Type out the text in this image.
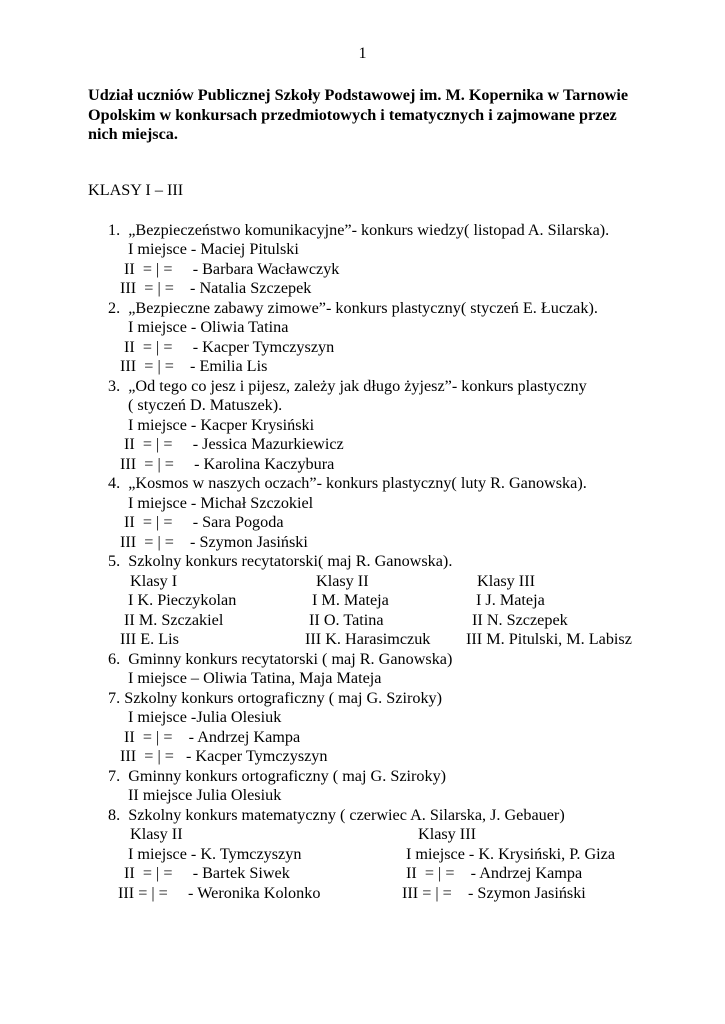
1
Udział uczniów Publicznej Szkoły Podstawowej im. M. Kopernika w Tarnowie
Opolskim w konkursach przedmiotowych i tematycznych i zajmowane przez
nich miejsca.
KLASY I – III
1.  „Bezpieczeństwo komunikacyjne”- konkurs wiedzy( listopad A. Silarska).
I miejsce - Maciej Pitulski
II  = | =     - Barbara Wacławczyk
III  = | =    - Natalia Szczepek
2.  „Bezpieczne zabawy zimowe”- konkurs plastyczny( styczeń E. Łuczak).
I miejsce - Oliwia Tatina
II  = | =     - Kacper Tymczyszyn
III  = | =    - Emilia Lis
3.  „Od tego co jesz i pijesz, zależy jak długo żyjesz”- konkurs plastyczny
( styczeń D. Matuszek).
I miejsce - Kacper Krysiński
II  = | =     - Jessica Mazurkiewicz
III  = | =     - Karolina Kaczybura
4.  „Kosmos w naszych oczach”- konkurs plastyczny( luty R. Ganowska).
I miejsce - Michał Szczokiel
II  = | =     - Sara Pogoda
III  = | =    - Szymon Jasiński
5.  Szkolny konkurs recytatorski( maj R. Ganowska).
Klasy I	Klasy II	Klasy III
I K. Pieczykolan	I M. Mateja	I J. Mateja
II M. Szczakiel	II O. Tatina	II N. Szczepek
III E. Lis	III K. Harasimczuk III M. Pitulski, M. Labisz
6.  Gminny konkurs recytatorski ( maj R. Ganowska)
I miejsce – Oliwia Tatina, Maja Mateja
7. Szkolny konkurs ortograficzny ( maj G. Sziroky)
I miejsce -Julia Olesiuk
II  = | =    - Andrzej Kampa
III  = | =   - Kacper Tymczyszyn
7.  Gminny konkurs ortograficzny ( maj G. Sziroky)
II miejsce Julia Olesiuk
8.  Szkolny konkurs matematyczny ( czerwiec A. Silarska, J. Gebauer)
Klasy II	Klasy III
I miejsce - K. Tymczyszyn	I miejsce - K. Krysiński, P. Giza
II  = | =     - Bartek Siwek	II  = | =    - Andrzej Kampa
III = | =     - Weronika Kolonko	III = | =    - Szymon Jasiński
